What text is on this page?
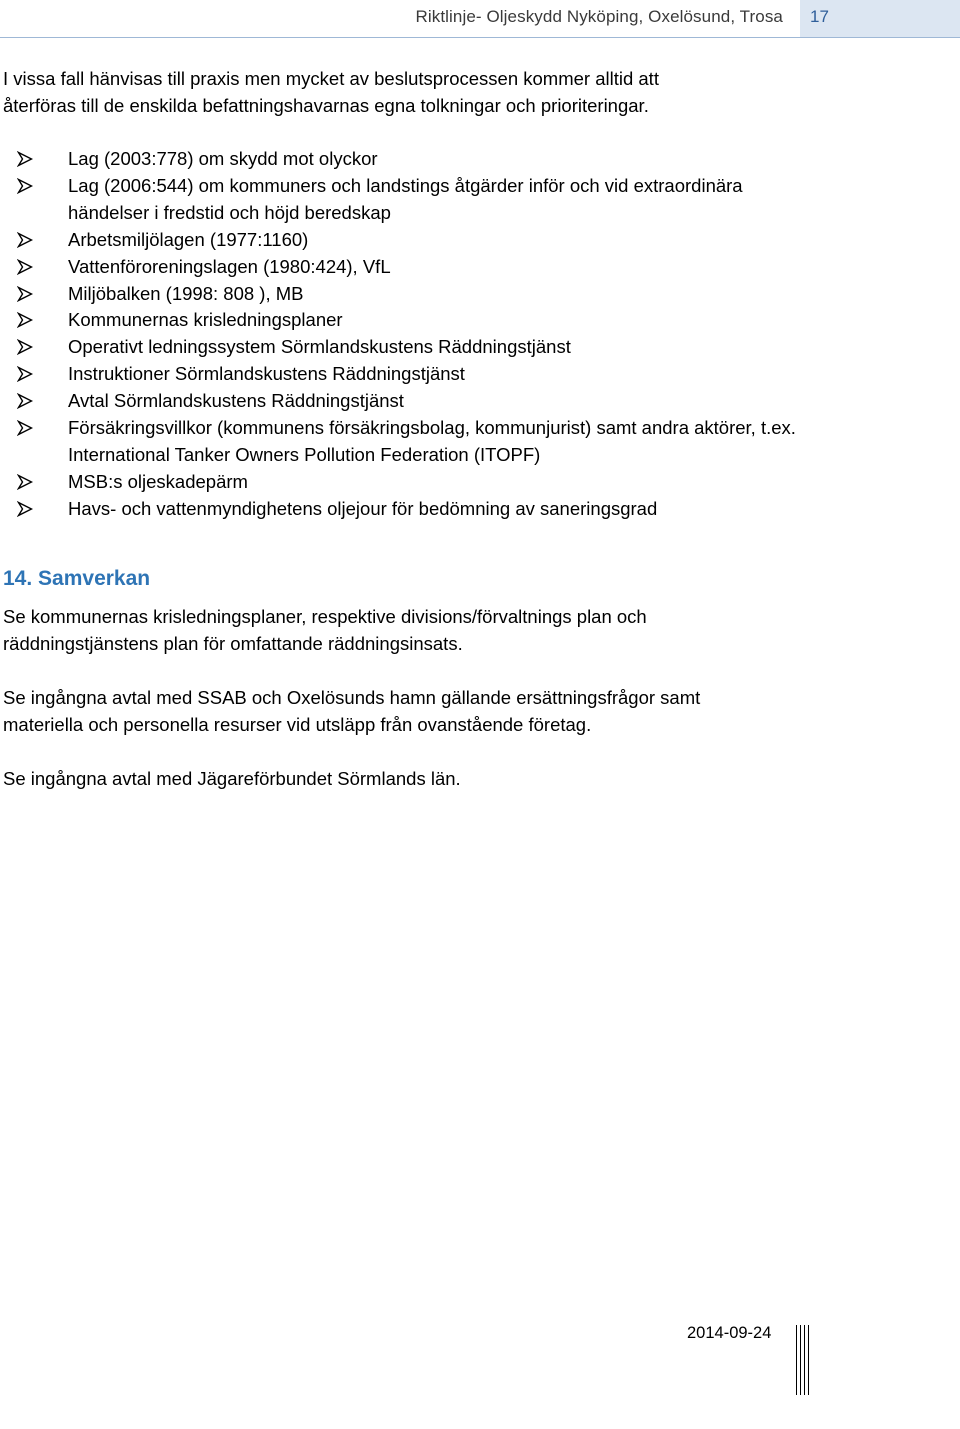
Riktlinje- Oljeskydd Nyköping, Oxelösund, Trosa 17
I vissa fall hänvisas till praxis men mycket av beslutsprocessen kommer alltid att
återföras till de enskilda befattningshavarnas egna tolkningar och prioriteringar.
Lag (2003:778) om skydd mot olyckor
Lag (2006:544) om kommuners och landstings åtgärder inför och vid extraordinära händelser i fredstid och höjd beredskap
Arbetsmiljölagen (1977:1160)
Vattenföroreningslagen (1980:424), VfL
Miljöbalken (1998: 808 ), MB
Kommunernas krisledningsplaner
Operativt ledningssystem Sörmlandskustens Räddningstjänst
Instruktioner Sörmlandskustens Räddningstjänst
Avtal Sörmlandskustens Räddningstjänst
Försäkringsvillkor (kommunens försäkringsbolag, kommunjurist) samt andra aktörer, t.ex. International Tanker Owners Pollution Federation (ITOPF)
MSB:s oljeskadepärm
Havs- och vattenmyndighetens oljejour för bedömning av saneringsgrad
14. Samverkan

Se kommunernas krisledningsplaner, respektive divisions/förvaltnings plan och räddningstjänstens plan för omfattande räddningsinsats.

Se ingångna avtal med SSAB och Oxelösunds hamn gällande ersättningsfrågor samt materiella och personella resurser vid utsläpp från ovanstående företag.

Se ingångna avtal med Jägareförbundet Sörmlands län.

2014-09-24
